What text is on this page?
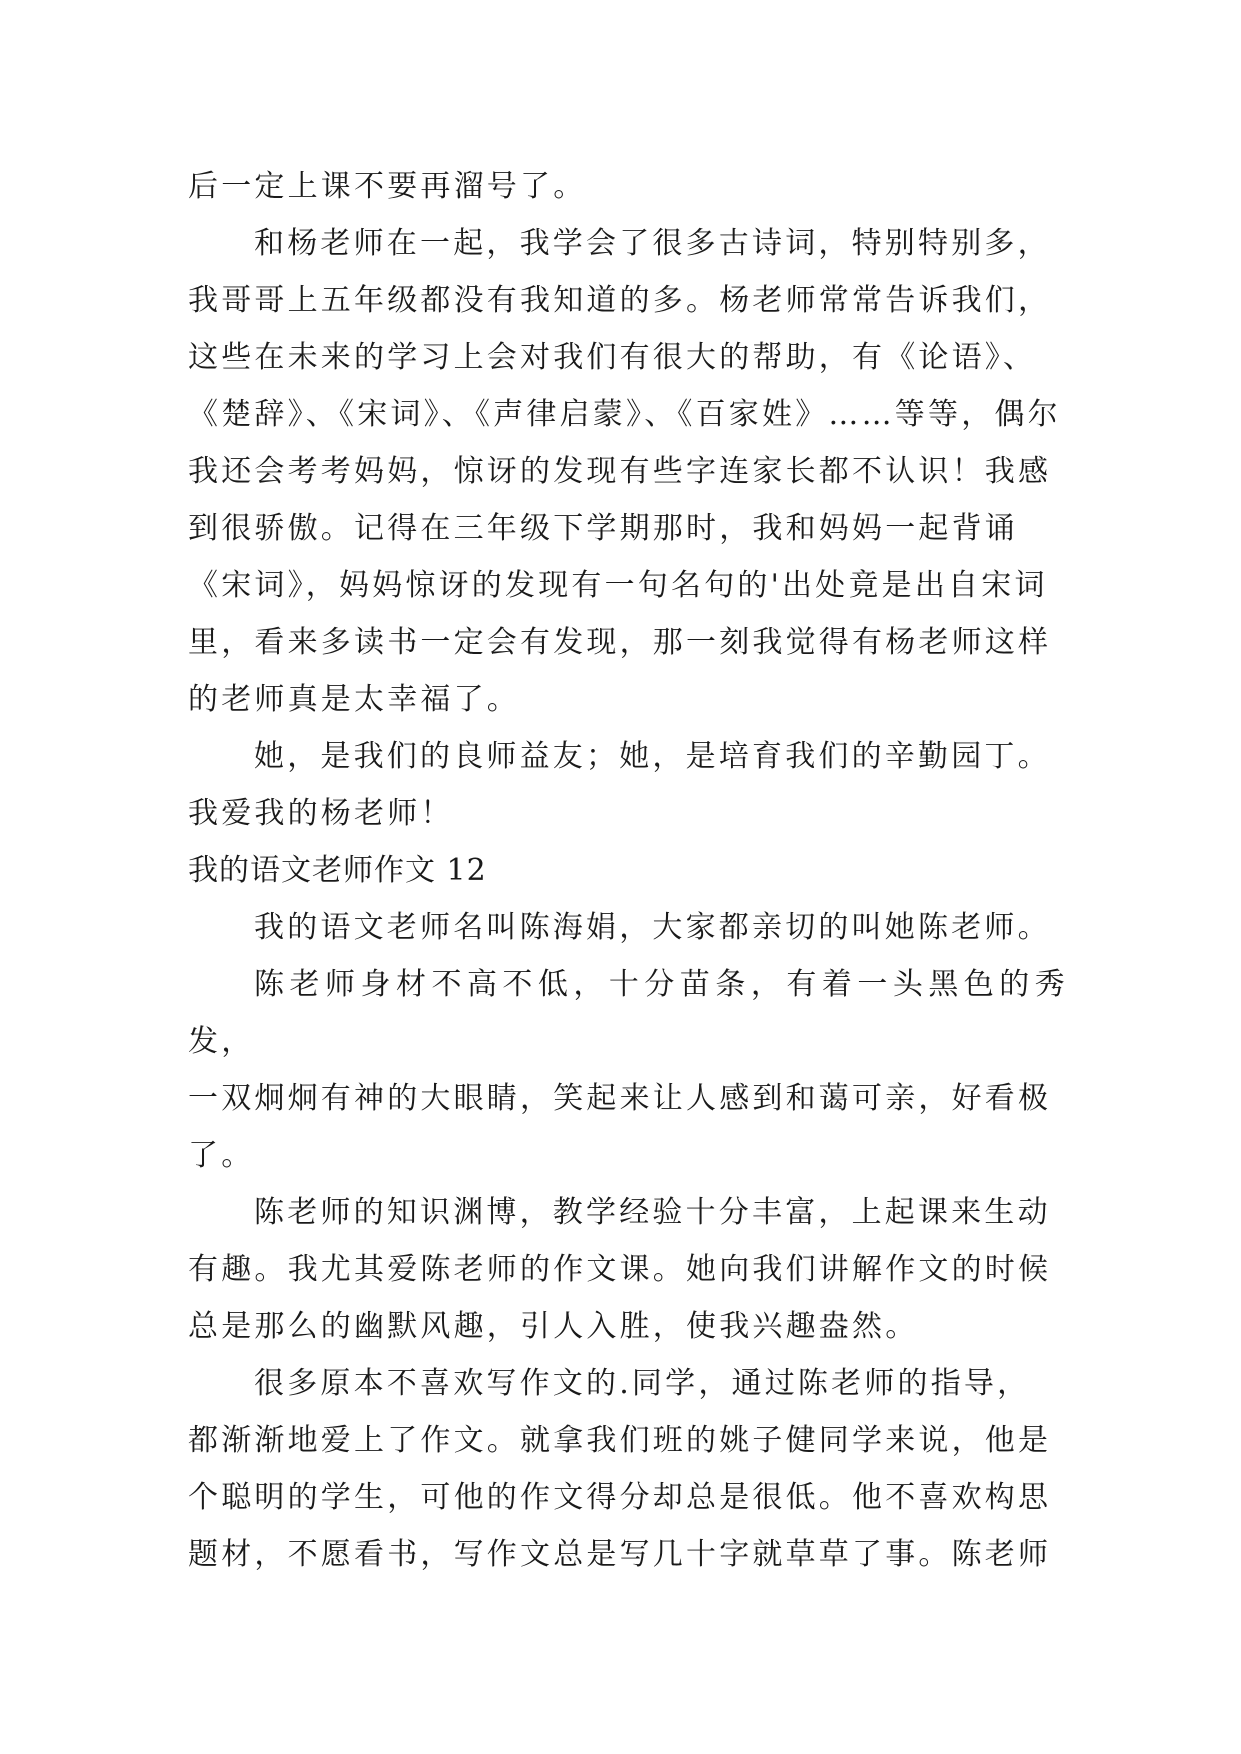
后一定上课不要再溜号了。
和杨老师在一起，我学会了很多古诗词，特别特别多，
我哥哥上五年级都没有我知道的多。杨老师常常告诉我们，
这些在未来的学习上会对我们有很大的帮助，有《论语》、
《楚辞》、《宋词》、《声律启蒙》、《百家姓》……等等，偶尔
我还会考考妈妈，惊讶的发现有些字连家长都不认识！我感
到很骄傲。记得在三年级下学期那时，我和妈妈一起背诵
《宋词》，妈妈惊讶的发现有一句名句的'出处竟是出自宋词
里，看来多读书一定会有发现，那一刻我觉得有杨老师这样
的老师真是太幸福了。
她，是我们的良师益友；她，是培育我们的辛勤园丁。
我爱我的杨老师！
我的语文老师作文 12
我的语文老师名叫陈海娟，大家都亲切的叫她陈老师。
陈老师身材不高不低，十分苗条，有着一头黑色的秀发，
一双炯炯有神的大眼睛，笑起来让人感到和蔼可亲，好看极
了。
陈老师的知识渊博，教学经验十分丰富，上起课来生动
有趣。我尤其爱陈老师的作文课。她向我们讲解作文的时候
总是那么的幽默风趣，引人入胜，使我兴趣盎然。
很多原本不喜欢写作文的.同学，通过陈老师的指导，
都渐渐地爱上了作文。就拿我们班的姚子健同学来说，他是
个聪明的学生，可他的作文得分却总是很低。他不喜欢构思
题材，不愿看书，写作文总是写几十字就草草了事。陈老师
